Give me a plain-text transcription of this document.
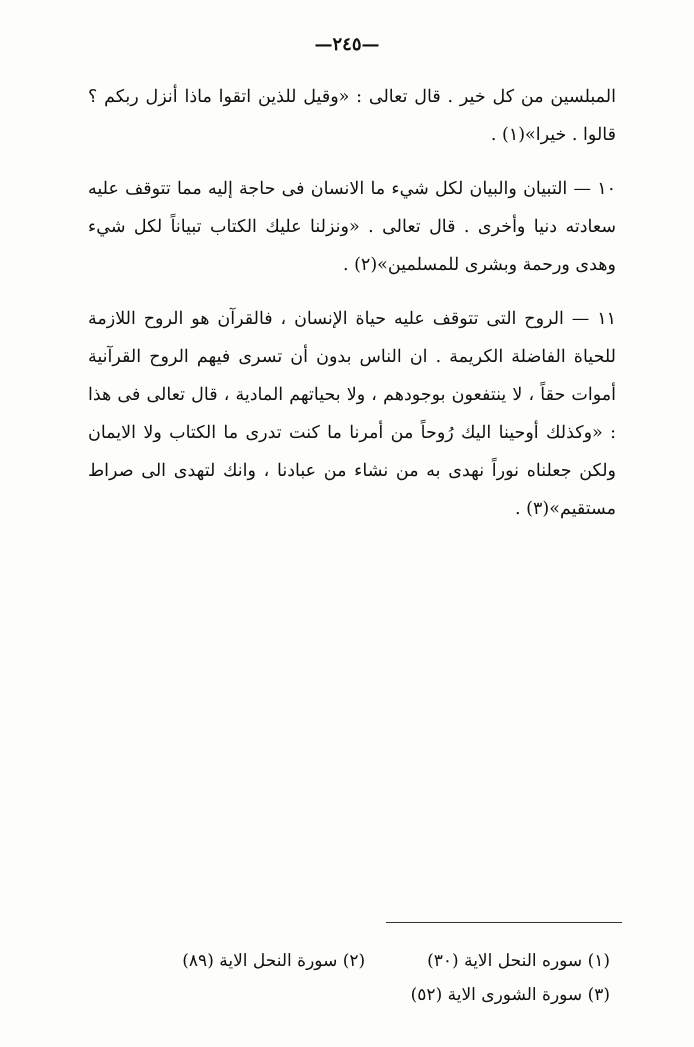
—٢٤٥—

المبلسين من كل خير . قال تعالى : «وقيل للذين اتقوا ماذا أنزل ربكم ؟ قالوا . خيرا»(١) .

١٠ — التبيان والبيان لكل شيء ما الانسان فى حاجة إليه مما تتوقف عليه سعادته دنيا وأخرى . قال تعالى . «ونزلنا عليك الكتاب تبياناً لكل شيء وهدى ورحمة وبشرى للمسلمين»(٢) .

١١ — الروح التى تتوقف عليه حياة الإنسان ، فالقرآن هو الروح اللازمة للحياة الفاضلة الكريمة . ان الناس بدون أن تسرى فيهم الروح القرآنية أموات حقاً ، لا ينتفعون بوجودهم ، ولا بحياتهم المادية ، قال تعالى فى هذا : «وكذلك أوحينا اليك رُوحاً من أمرنا ما كنت تدرى ما الكتاب ولا الايمان ولكن جعلناه نوراً نهدى به من نشاء من عبادنا ، وانك لتهدى الى صراط مستقيم»(٣) .

(١) سوره النحل الاية (٣٠)
(٢) سورة النحل الاية (٨٩)
(٣) سورة الشورى الاية (٥٢)
